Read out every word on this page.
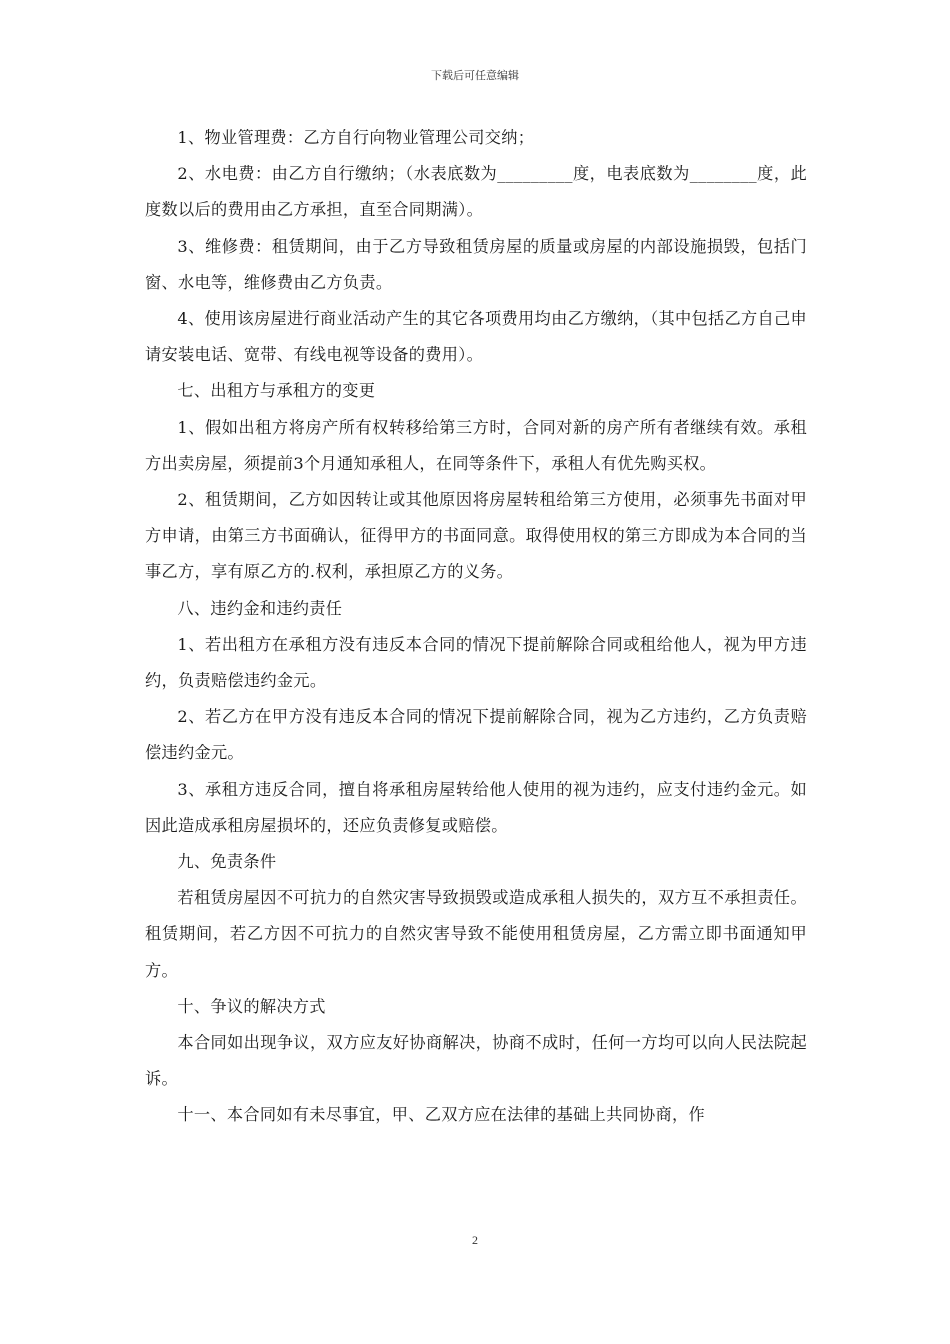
下载后可任意编辑

1、物业管理费：乙方自行向物业管理公司交纳；

2、水电费：由乙方自行缴纳；（水表底数为_________度，电表底数为________度，此度数以后的费用由乙方承担，直至合同期满）。

3、维修费：租赁期间，由于乙方导致租赁房屋的质量或房屋的内部设施损毁，包括门窗、水电等，维修费由乙方负责。

4、使用该房屋进行商业活动产生的其它各项费用均由乙方缴纳，（其中包括乙方自己申请安装电话、宽带、有线电视等设备的费用）。

七、出租方与承租方的变更

1、假如出租方将房产所有权转移给第三方时，合同对新的房产所有者继续有效。承租方出卖房屋，须提前3个月通知承租人，在同等条件下，承租人有优先购买权。

2、租赁期间，乙方如因转让或其他原因将房屋转租给第三方使用，必须事先书面对甲方申请，由第三方书面确认，征得甲方的书面同意。取得使用权的第三方即成为本合同的当事乙方，享有原乙方的.权利，承担原乙方的义务。

八、违约金和违约责任

1、若出租方在承租方没有违反本合同的情况下提前解除合同或租给他人，视为甲方违约，负责赔偿违约金元。

2、若乙方在甲方没有违反本合同的情况下提前解除合同，视为乙方违约，乙方负责赔偿违约金元。

3、承租方违反合同，擅自将承租房屋转给他人使用的视为违约，应支付违约金元。如因此造成承租房屋损坏的，还应负责修复或赔偿。

九、免责条件

若租赁房屋因不可抗力的自然灾害导致损毁或造成承租人损失的，双方互不承担责任。租赁期间，若乙方因不可抗力的自然灾害导致不能使用租赁房屋，乙方需立即书面通知甲方。

十、争议的解决方式

本合同如出现争议，双方应友好协商解决，协商不成时，任何一方均可以向人民法院起诉。

十一、本合同如有未尽事宜，甲、乙双方应在法律的基础上共同协商，作

2
